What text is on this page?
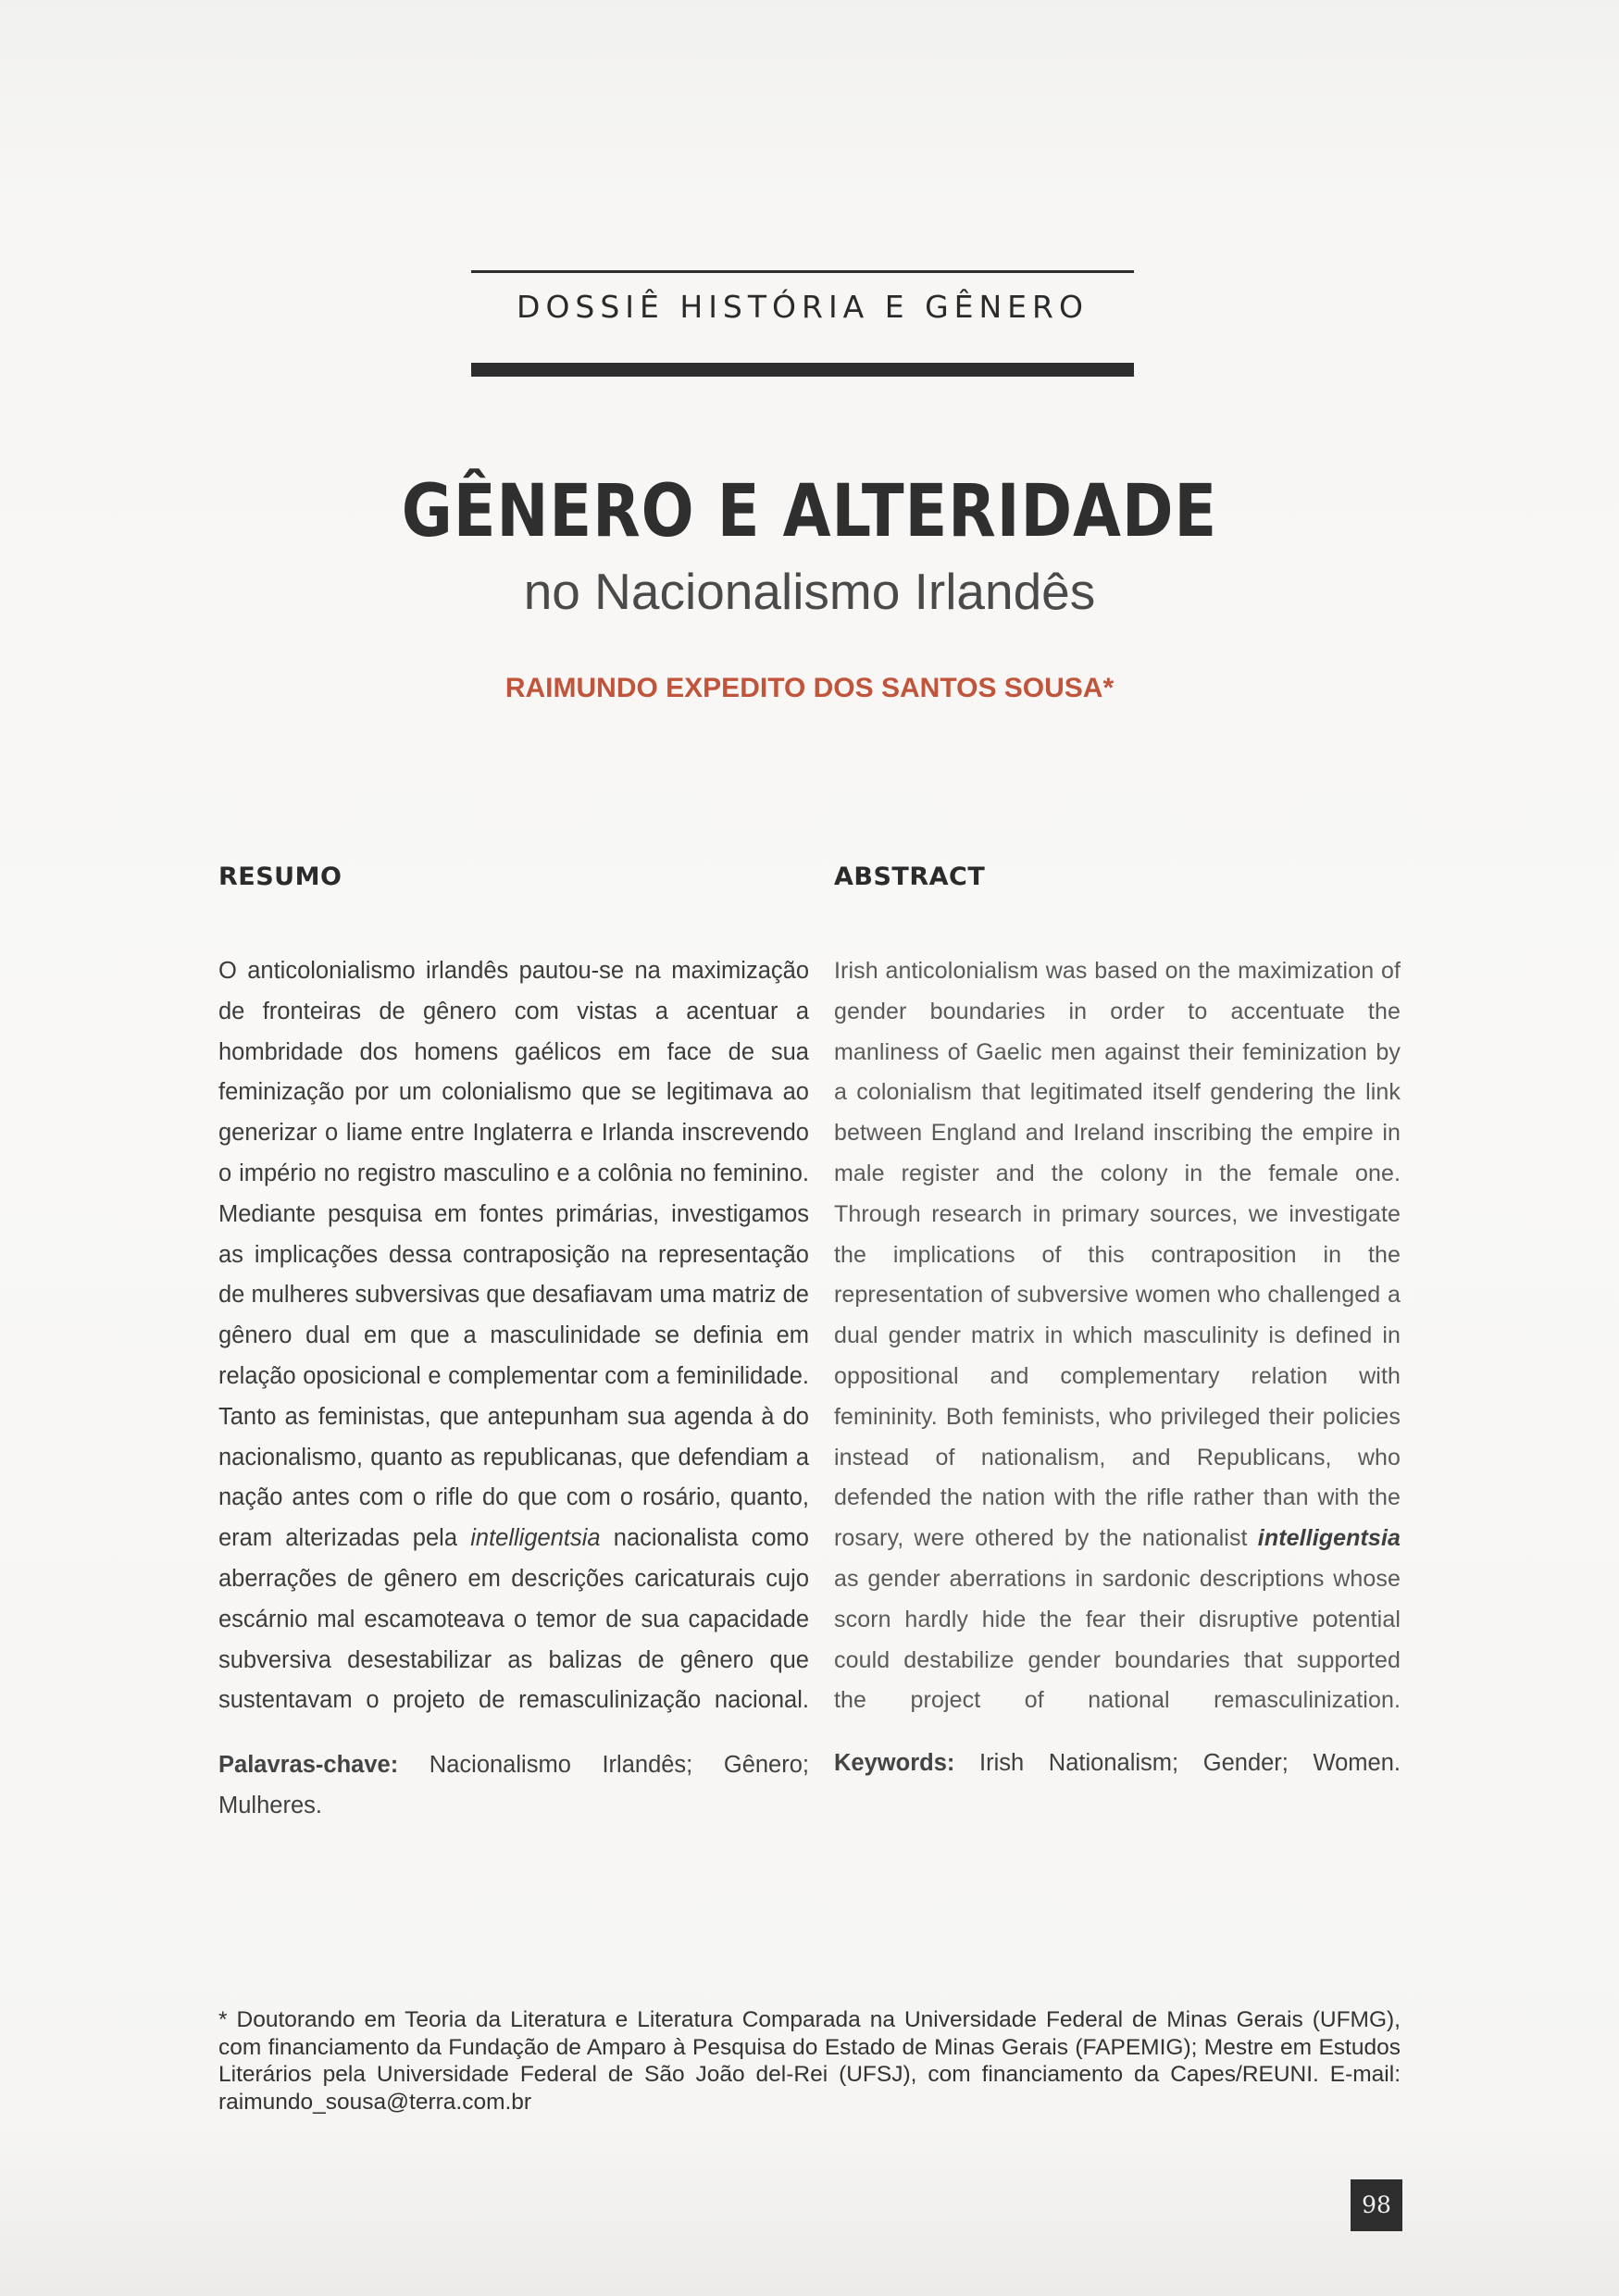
DOSSIÊ HISTÓRIA E GÊNERO
GÊNERO E ALTERIDADE
no Nacionalismo Irlandês
RAIMUNDO EXPEDITO DOS SANTOS SOUSA*
RESUMO
O anticolonialismo irlandês pautou-se na maximização de fronteiras de gênero com vistas a acentuar a hombridade dos homens gaélicos em face de sua feminização por um colonialismo que se legitimava ao generizar o liame entre Inglaterra e Irlanda inscrevendo o império no registro masculino e a colônia no feminino. Mediante pesquisa em fontes primárias, investigamos as implicações dessa contraposição na representação de mulheres subversivas que desafiavam uma matriz de gênero dual em que a masculinidade se definia em relação oposicional e complementar com a feminilidade. Tanto as feministas, que antepunham sua agenda à do nacionalismo, quanto as republicanas, que defendiam a nação antes com o rifle do que com o rosário, quanto, eram alterizadas pela intelligentsia nacionalista como aberrações de gênero em descrições caricaturais cujo escárnio mal escamoteava o temor de sua capacidade subversiva desestabilizar as balizas de gênero que sustentavam o projeto de remasculinização nacional.
Palavras-chave: Nacionalismo Irlandês; Gênero; Mulheres.
ABSTRACT
Irish anticolonialism was based on the maximization of gender boundaries in order to accentuate the manliness of Gaelic men against their feminization by a colonialism that legitimated itself gendering the link between England and Ireland inscribing the empire in male register and the colony in the female one. Through research in primary sources, we investigate the implications of this contraposition in the representation of subversive women who challenged a dual gender matrix in which masculinity is defined in oppositional and complementary relation with femininity. Both feminists, who privileged their policies instead of nationalism, and Republicans, who defended the nation with the rifle rather than with the rosary, were othered by the nationalist intelligentsia as gender aberrations in sardonic descriptions whose scorn hardly hide the fear their disruptive potential could destabilize gender boundaries that supported the project of national remasculinization.
Keywords: Irish Nationalism; Gender; Women.
* Doutorando em Teoria da Literatura e Literatura Comparada na Universidade Federal de Minas Gerais (UFMG), com financiamento da Fundação de Amparo à Pesquisa do Estado de Minas Gerais (FAPEMIG); Mestre em Estudos Literários pela Universidade Federal de São João del-Rei (UFSJ), com financiamento da Capes/REUNI. E-mail: raimundo_sousa@terra.com.br
98
